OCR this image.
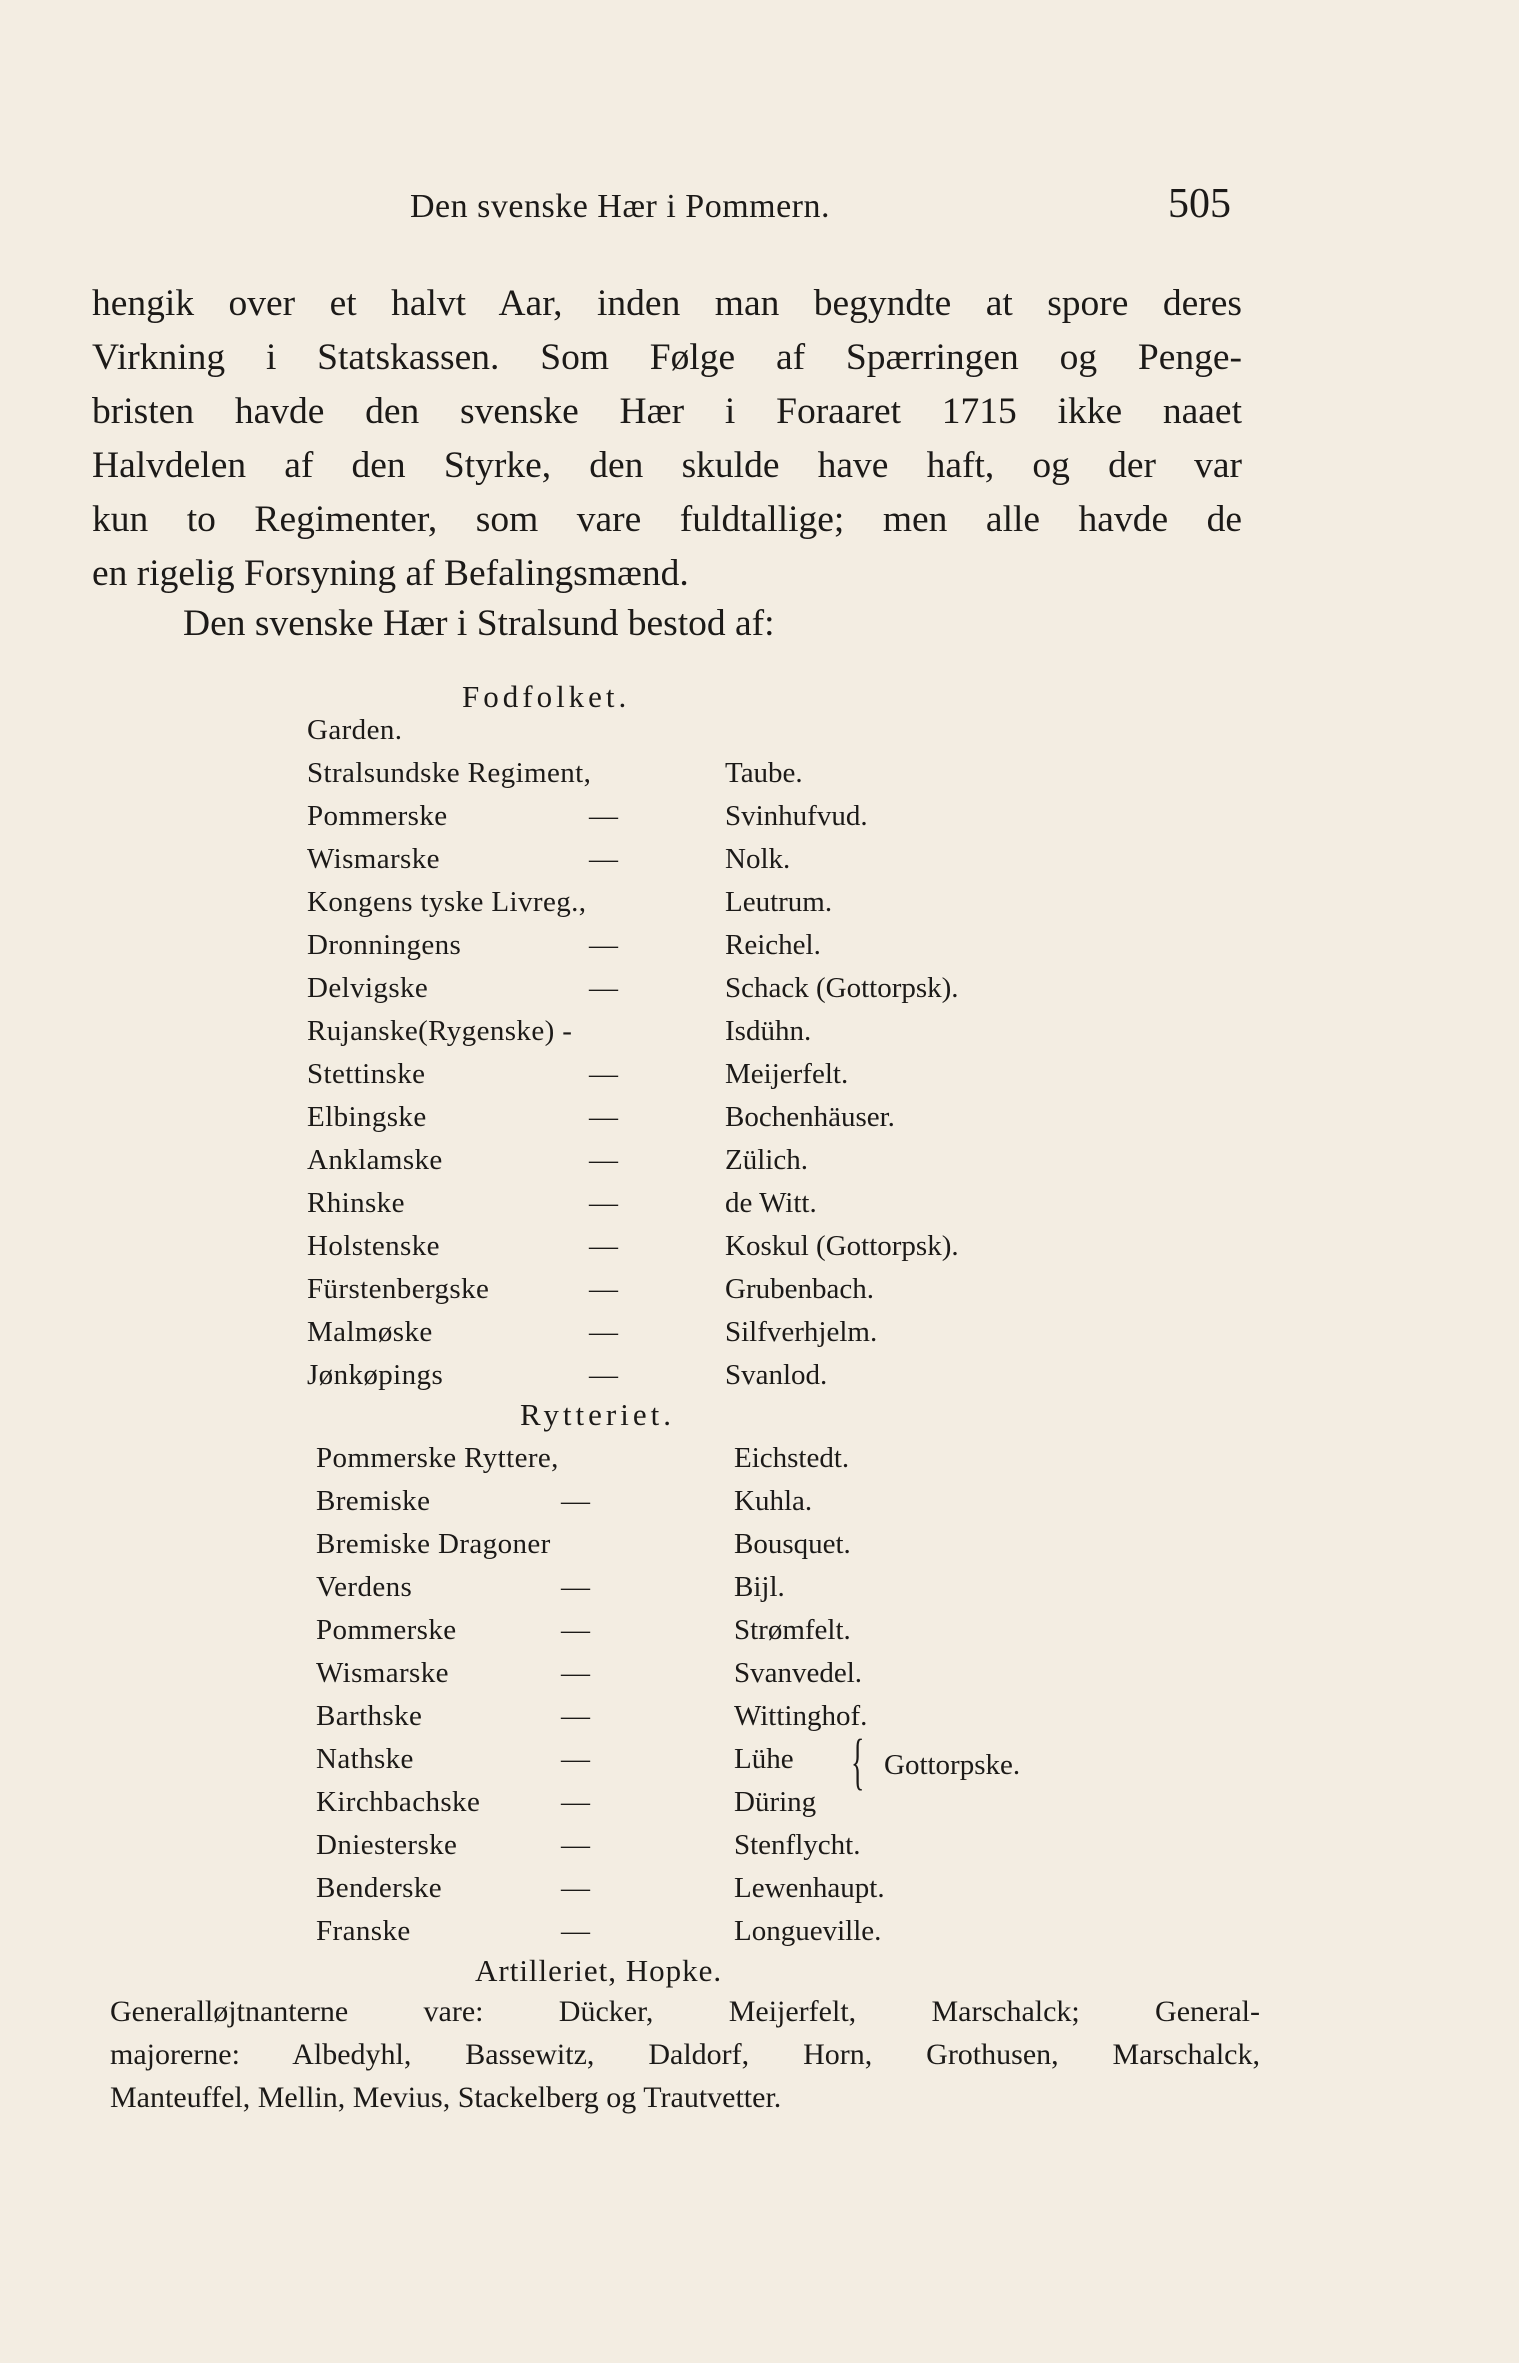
Den svenske Hær i Pommern.	505
hengik over et halvt Aar, inden man begyndte at spore deres
Virkning i Statskassen. Som Følge af Spærringen og Penge-
bristen havde den svenske Hær i Foraaret 1715 ikke naaet
Halvdelen af den Styrke, den skulde have haft, og der var
kun to Regimenter, som vare fuldtallige; men alle havde de
en rigelig Forsyning af Befalingsmænd.
Den svenske Hær i Stralsund bestod af:
Fodfolket.
Garden.
Stralsundske Regiment,	Taube.
Pommerske	—	Svinhufvud.
Wismarske	—	Nolk.
Kongens tyske Livreg.,	Leutrum.
Dronningens	—	Reichel.
Delvigske	—	Schack (Gottorpsk).
Rujanske(Rygenske) -	Isdühn.
Stettinske	—	Meijerfelt.
Elbingske	—	Bochenhäuser.
Anklamske	—	Zülich.
Rhinske	—	de Witt.
Holstenske	—	Koskul (Gottorpsk).
Fürstenbergske	—	Grubenbach.
Malmøske	—	Silfverhjelm.
Jønkøpings	—	Svanlod.
Rytteriet.
Pommerske Ryttere,	Eichstedt.
Bremiske	—	Kuhla.
Bremiske Dragoner	Bousquet.
Verdens	—	Bijl.
Pommerske	—	Strømfelt.
Wismarske	—	Svanvedel.
Barthske	—	Wittinghof.
Nathske	—	Lühe
Kirchbachske	—	Düring
Dniesterske	—	Stenflycht.
Benderske	—	Lewenhaupt.
Franske	—	Longueville.
{ Gottorpske.
Artilleriet, Hopke.
Generalløjtnanterne vare: Dücker, Meijerfelt, Marschalck; General-
majorerne: Albedyhl, Bassewitz, Daldorf, Horn, Grothusen, Marschalck,
Manteuffel, Mellin, Mevius, Stackelberg og Trautvetter.
